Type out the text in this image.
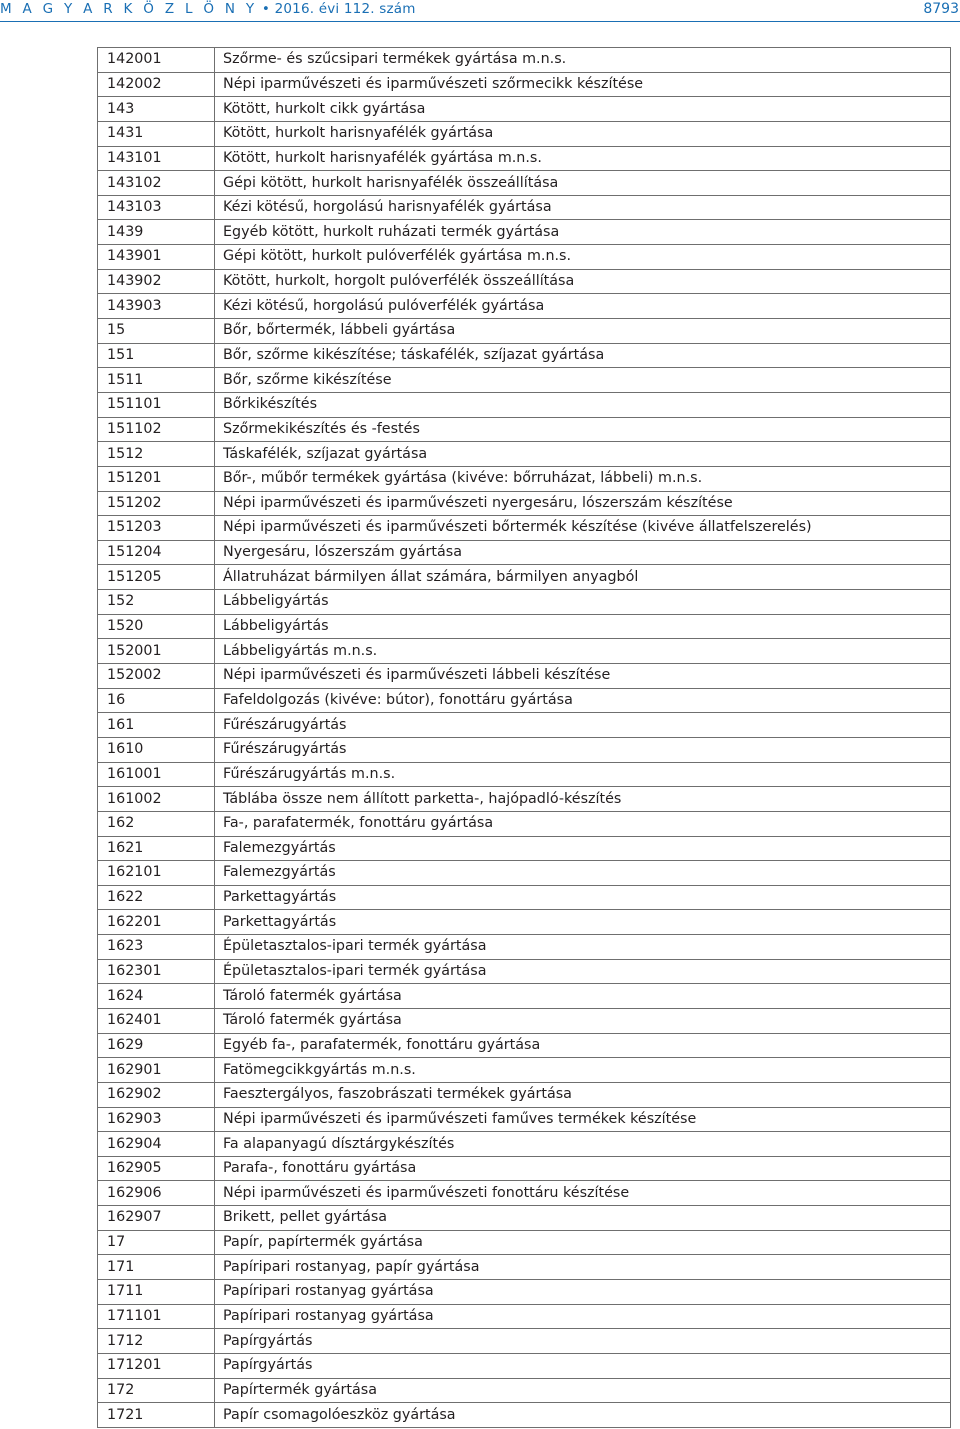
M A G Y A R K Ö Z L Ö N Y • 2016. évi 112. szám	8793
142001	Szőrme- és szűcsipari termékek gyártása m.n.s.
142002	Népi iparművészeti és iparművészeti szőrmecikk készítése
143	Kötött, hurkolt cikk gyártása
1431	Kötött, hurkolt harisnyafélék gyártása
143101	Kötött, hurkolt harisnyafélék gyártása m.n.s.
143102	Gépi kötött, hurkolt harisnyafélék összeállítása
143103	Kézi kötésű, horgolású harisnyafélék gyártása
1439	Egyéb kötött, hurkolt ruházati termék gyártása
143901	Gépi kötött, hurkolt pulóverfélék gyártása m.n.s.
143902	Kötött, hurkolt, horgolt pulóverfélék összeállítása
143903	Kézi kötésű, horgolású pulóverfélék gyártása
15	Bőr, bőrtermék, lábbeli gyártása
151	Bőr, szőrme kikészítése; táskafélék, szíjazat gyártása
1511	Bőr, szőrme kikészítése
151101	Bőrkikészítés
151102	Szőrmekikészítés és -festés
1512	Táskafélék, szíjazat gyártása
151201	Bőr-, műbőr termékek gyártása (kivéve: bőrruházat, lábbeli) m.n.s.
151202	Népi iparművészeti és iparművészeti nyergesáru, lószerszám készítése
151203	Népi iparművészeti és iparművészeti bőrtermék készítése (kivéve állatfelszerelés)
151204	Nyergesáru, lószerszám gyártása
151205	Állatruházat bármilyen állat számára, bármilyen anyagból
152	Lábbeligyártás
1520	Lábbeligyártás
152001	Lábbeligyártás m.n.s.
152002	Népi iparművészeti és iparművészeti lábbeli készítése
16	Fafeldolgozás (kivéve: bútor), fonottáru gyártása
161	Fűrészárugyártás
1610	Fűrészárugyártás
161001	Fűrészárugyártás m.n.s.
161002	Táblába össze nem állított parketta-, hajópadló-készítés
162	Fa-, parafatermék, fonottáru gyártása
1621	Falemezgyártás
162101	Falemezgyártás
1622	Parkettagyártás
162201	Parkettagyártás
1623	Épületasztalos-ipari termék gyártása
162301	Épületasztalos-ipari termék gyártása
1624	Tároló fatermék gyártása
162401	Tároló fatermék gyártása
1629	Egyéb fa-, parafatermék, fonottáru gyártása
162901	Fatömegcikkgyártás m.n.s.
162902	Faesztergályos, faszobrászati termékek gyártása
162903	Népi iparművészeti és iparművészeti faműves termékek készítése
162904	Fa alapanyagú dísztárgykészítés
162905	Parafa-, fonottáru gyártása
162906	Népi iparművészeti és iparművészeti fonottáru készítése
162907	Brikett, pellet gyártása
17	Papír, papírtermék gyártása
171	Papíripari rostanyag, papír gyártása
1711	Papíripari rostanyag gyártása
171101	Papíripari rostanyag gyártása
1712	Papírgyártás
171201	Papírgyártás
172	Papírtermék gyártása
1721	Papír csomagolóeszköz gyártása
